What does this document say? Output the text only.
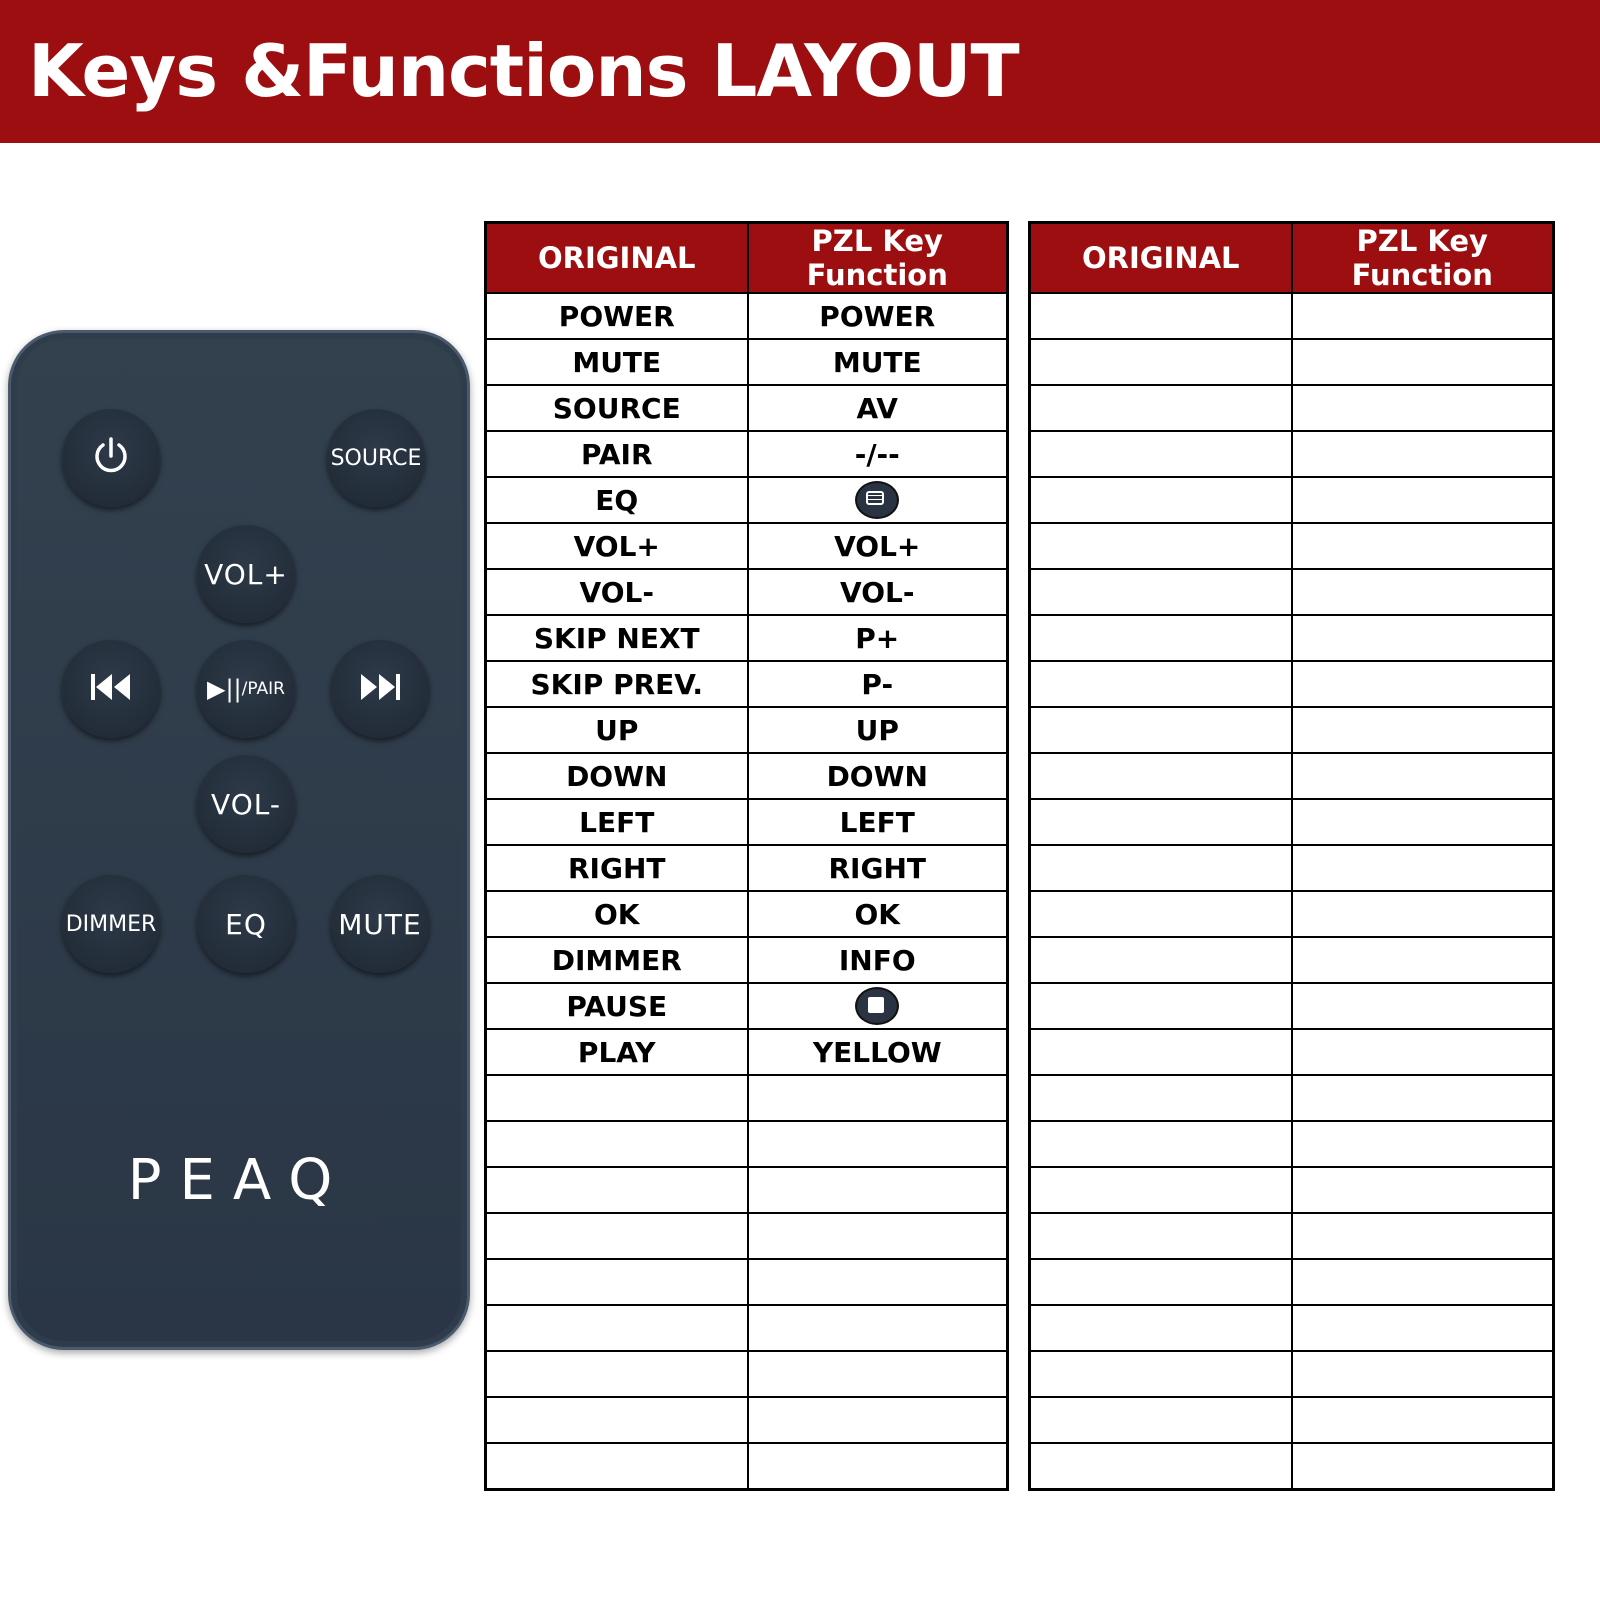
Keys &Functions LAYOUT
SOURCE
VOL+
▶|| /PAIR
VOL-
DIMMER EQ	MUTE
PEAQ
ORIGINAL	PZL Key Function
POWER	POWER
MUTE	MUTE
SOURCE	AV
PAIR	-/--
EQ	
VOL+	VOL+
VOL-	VOL-
SKIP NEXT	P+
SKIP PREV.	P-
UP	UP
DOWN	DOWN
LEFT	LEFT
RIGHT	RIGHT
OK	OK
DIMMER	INFO
PAUSE	
PLAY	YELLOW

ORIGINAL	PZL Key Function
